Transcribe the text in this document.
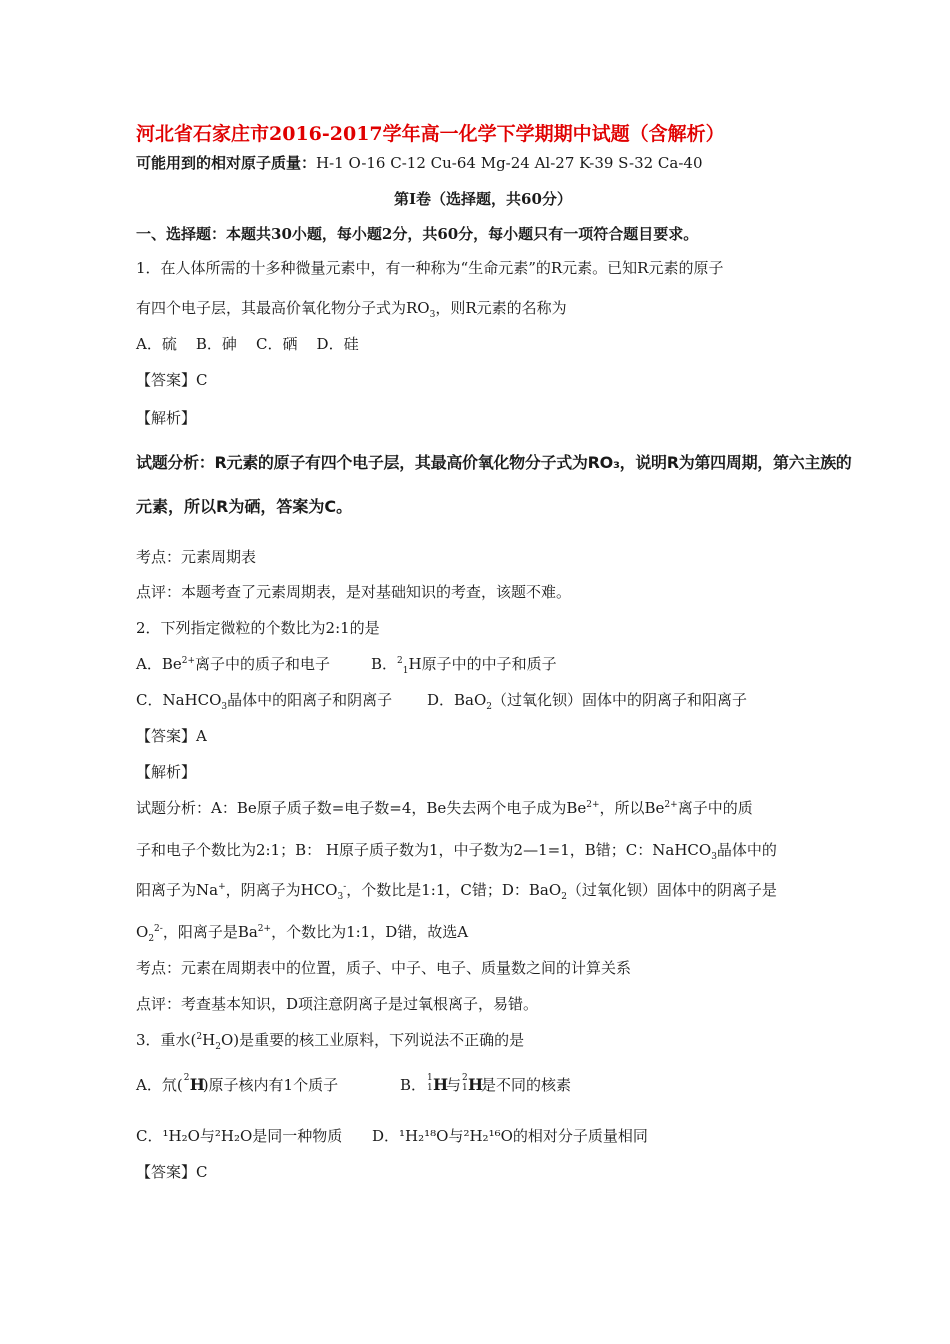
河北省石家庄市2016-2017学年高一化学下学期期中试题（含解析）
可能用到的相对原子质量：H-1 O-16 C-12 Cu-64 Mg-24 Al-27 K-39 S-32 Ca-40
第Ⅰ卷（选择题，共60分）
一、选择题：本题共30小题，每小题2分，共60分，每小题只有一项符合题目要求。
1．在人体所需的十多种微量元素中，有一种称为“生命元素”的R元素。已知R元素的原子
有四个电子层，其最高价氧化物分子式为$RO_3$，则R元素的名称为
A．硫    B．砷    C．硒    D．硅
【答案】C
【解析】
试题分析：R元素的原子有四个电子层，其最高价氧化物分子式为RO₃，说明R为第四周期，第六主族的
元素，所以R为硒，答案为C。
考点：元素周期表
点评：本题考查了元素周期表，是对基础知识的考查，该题不难。
2．下列指定微粒的个数比为2:1的是
A．$Be^{2+}$离子中的质子和电子	B．$^2_1$H原子中的中子和质子
C．NaHCO$_3$晶体中的阳离子和阴离子 D．BaO$_2$（过氧化钡）固体中的阴离子和阳离子
【答案】A
【解析】
试题分析：A：Be原子质子数=电子数=4，Be失去两个电子成为$Be^{2+}$，所以$Be^{2+}$离子中的质
子和电子个数比为2:1；B： H原子质子数为1，中子数为2—1=1，B错；C：NaHCO$_3$晶体中的
阳离子为Na+，阴离子为$HCO_3^-$，个数比是1:1，C错；D：BaO$_2$（过氧化钡）固体中的阴离子是
$O_2^{2-}$，阳离子是$Ba^{2+}$，个数比为1:1，D错，故选A
考点：元素在周期表中的位置，质子、中子、电子、质量数之间的计算关系
点评：考查基本知识，D项注意阴离子是过氧根离子，易错。
3．重水$(^2H_2O)$是重要的核工业原料，下列说法不正确的是
A．氘( 2 H
)原子核内有1个质子	B． 1
1 H
与 2
1 H
是不同的核素
C．¹H₂O与²H₂O是同一种物质 D．¹H₂¹⁸O与²H₂¹⁶O的相对分子质量相同
【答案】C
